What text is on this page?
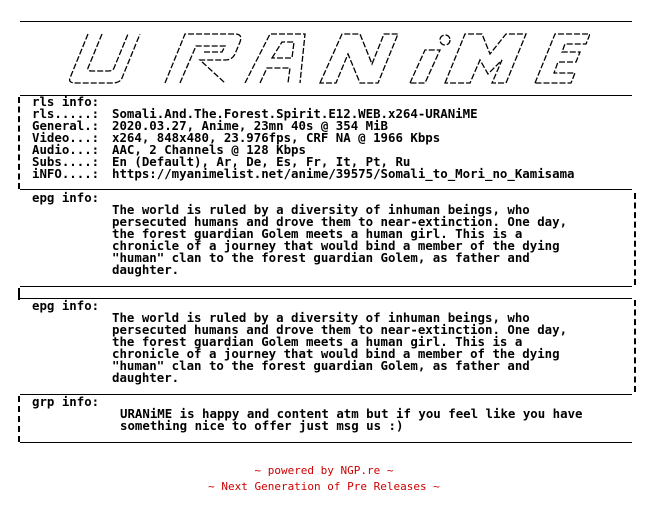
rls info:
rls.....: Somali.And.The.Forest.Spirit.E12.WEB.x264-URANiME
General.: 2020.03.27, Anime, 23mn 40s @ 354 MiB
Video...: x264, 848x480, 23.976fps, CRF NA @ 1966 Kbps
Audio...: AAC, 2 Channels @ 128 Kbps
Subs....: En (Default), Ar, De, Es, Fr, It, Pt, Ru
iNFO....: https://myanimelist.net/anime/39575/Somali_to_Mori_no_Kamisama
epg info:
The world is ruled by a diversity of inhuman beings, who
persecuted humans and drove them to near-extinction. One day,
the forest guardian Golem meets a human girl. This is a
chronicle of a journey that would bind a member of the dying
"human" clan to the forest guardian Golem, as father and
daughter.
epg info:
The world is ruled by a diversity of inhuman beings, who
persecuted humans and drove them to near-extinction. One day,
the forest guardian Golem meets a human girl. This is a
chronicle of a journey that would bind a member of the dying
"human" clan to the forest guardian Golem, as father and
daughter.
grp info:
URANiME is happy and content atm but if you feel like you have
something nice to offer just msg us :)
~ powered by NGP.re ~
~ Next Generation of Pre Releases ~
